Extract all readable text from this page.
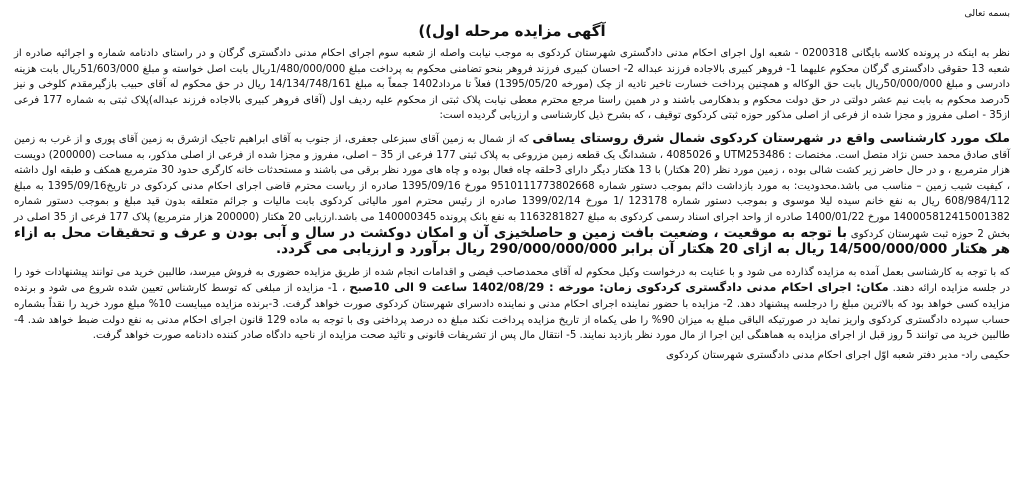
بسمه تعالی
آگهی مزایده مرحله اول))

نظر به اینکه در پرونده کلاسه بایگانی 0200318 - شعبه اول اجرای احکام مدنی دادگستری شهرستان کردکوی به موجب نیابت واصله از شعبه سوم اجرای احکام مدنی دادگستری گرگان و در راستای دادنامه شماره و اجرائیه صادره از شعبه 13 حقوقی دادگستری گرگان محکوم علیهما 1- فروهر کبیری بالاجاده فرزند عبداله 2- احسان کبیری فرزند فروهر بنحو تضامنی محکوم به پرداخت مبلغ 1/480/000/000ریال بابت اصل خواسته و مبلغ 51/603/000ریال بابت هزینه دادرسی و مبلغ 50/000/000ریال بابت حق الوکاله و همچنین پرداخت خسارت تاخیر تادیه از چک (مورخه 1395/05/20) فعلاً تا مرداد1402 جمعاً به مبلغ 14/134/748/161 ریال در حق محکوم له آقای حبیب بازگیرمقدم کلوخی و نیز 5درصد محکوم به بابت نیم عشر دولتی در حق دولت محکوم و بدهکارمی باشند و در همین راستا مرجع محترم معطی نیابت پلاک ثبتی از محکوم علیه ردیف اول (آقای فروهر کبیری بالاجاده فرزند عبداله)پلاک ثبتی به شماره 177 فرعی از35 - اصلی مفروز و مجزا شده از فرعی از اصلی مذکور حوزه ثبتی کردکوی توقیف ، که بشرح ذیل کارشناسی و ارزیابی گردیده است:

ملک مورد کارشناسی واقع در شهرستان کردکوی شمال شرق روستای یساقی که از شمال به زمین آقای سبزعلی جعفری، از جنوب به آقای ابراهیم تاجیک ازشرق به زمین آقای پوری و از غرب به زمین آقای صادق محمد حسن نژاد متصل است. مختصات : UTM253486 و 4085026 ، ششدانگ یک قطعه زمین مزروعی به پلاک ثبتی 177 فرعی از 35 – اصلی، مفروز و مجزا شده از فرعی از اصلی مذکور، به مساحت (200000) دویست هزار مترمربع ، و در حال حاضر زیر کشت شالی بوده ، زمین مورد نظر (20 هکتار) با 13 هکتار دیگر دارای 3حلقه چاه فعال بوده و چاه های مورد نظر برقی می باشند و مستحدثات خانه کارگری حدود 30 مترمربع همکف و طبقه اول داشته ، کیفیت شیب زمین – مناسب می باشد.محدودیت: به مورد بازداشت دائم بموجب دستور شماره 9510111773802668 مورخ 1395/09/16 صادره از ریاست محترم قاضی اجرای احکام مدنی کردکوی در تاریخ1395/09/16 به مبلغ 608/984/112 ریال به نفع خانم سیده لیلا موسوی و بموجب دستور شماره 123178 /1 مورخ 1399/02/14 صادره از رئیس محترم امور مالیاتی کردکوی بابت مالیات و جرائم متعلقه بدون قید مبلغ و بموجب دستور شماره 140005812415001382 مورخ 1400/01/22 صادره از واحد اجرای اسناد رسمی کردکوی به مبلغ 1163281827 به نفع بانک پرونده 140000345 می باشد.ارزیابی 20 هکتار (200000 هزار مترمربع) پلاک 177 فرعی از 35 اصلی در بخش 2 حوزه ثبت شهرستان کردکوی با توجه به موقعیت ، وضعیت بافت زمین و حاصلخیزی آن و امکان دوکشت در سال و آبی بودن و عرف و تحقیقات محل به ازاء هر هکتار 14/500/000/000 ریال به ازای 20 هکتار آن برابر 290/000/000/000 ریال برآورد و ارزیابی می گردد.

که با توجه به کارشناسی بعمل آمده به مزایده گذارده می شود و با عنایت به درخواست وکیل محکوم له آقای محمدصاحب فیضی و اقدامات انجام شده از طریق مزایده حضوری به فروش میرسد، طالبین خرید می توانند پیشنهادات خود را در جلسه مزایده ارائه دهند. مکان: اجرای احکام مدنی دادگستری کردکوی زمان: مورخه : 1402/08/29 ساعت 9 الی 10صبح ، 1- مزایده از مبلغی که توسط کارشناس تعیین شده شروع می شود و برنده مزایده کسی خواهد بود که بالاترین مبلغ را درجلسه پیشنهاد دهد. 2- مزایده با حضور نماینده اجرای احکام مدنی و نماینده دادسرای شهرستان کردکوی صورت خواهد گرفت. 3-برنده مزایده میبایست 10% مبلغ مورد خرید را نقداً بشماره حساب سپرده دادگستری کردکوی واریز نماید در صورتیکه الباقی مبلغ به میزان 90% را طی یکماه از تاریخ مزایده پرداخت نکند مبلغ ده درصد پرداختی وی با توجه به ماده 129 قانون اجرای احکام مدنی به نفع دولت ضبط خواهد شد. 4- طالبین خرید می توانند 5 روز قبل از اجرای مزایده به هماهنگی این اجرا از مال مورد نظر بازدید نمایند. 5- انتقال مال پس از تشریفات قانونی و تائید صحت مزایده از ناحیه دادگاه صادر کننده دادنامه صورت خواهد گرفت.

حکیمی راد- مدیر دفتر شعبه اوّل اجرای احکام مدنی دادگستری شهرستان کردکوی
